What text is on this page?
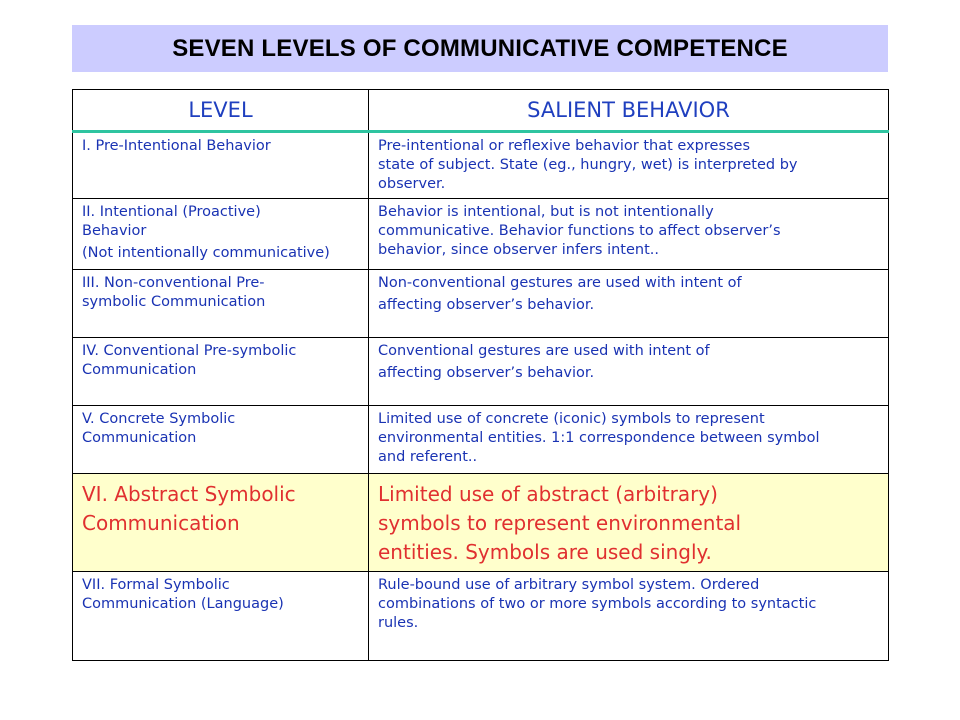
SEVEN LEVELS OF COMMUNICATIVE COMPETENCE
LEVEL	SALIENT BEHAVIOR

I. Pre-Intentional Behavior	Pre-intentional or reflexive behavior that expresses
state of subject. State (eg., hungry, wet) is interpreted by
observer.

II. Intentional (Proactive)
Behavior
(Not intentionally communicative)	Behavior is intentional, but is not intentionally
communicative. Behavior functions to affect observer’s
behavior, since observer infers intent..

III. Non-conventional Pre-
symbolic Communication	Non-conventional gestures are used with intent of
affecting observer’s behavior.

IV. Conventional Pre-symbolic
Communication	Conventional gestures are used with intent of
affecting observer’s behavior.

V. Concrete Symbolic
Communication	Limited use of concrete (iconic) symbols to represent
environmental entities. 1:1 correspondence between symbol
and referent..

VI. Abstract Symbolic
Communication	Limited use of abstract (arbitrary)
symbols to represent environmental
entities. Symbols are used singly.

VII. Formal Symbolic
Communication (Language)	Rule-bound use of arbitrary symbol system. Ordered
combinations of two or more symbols according to syntactic
rules.
